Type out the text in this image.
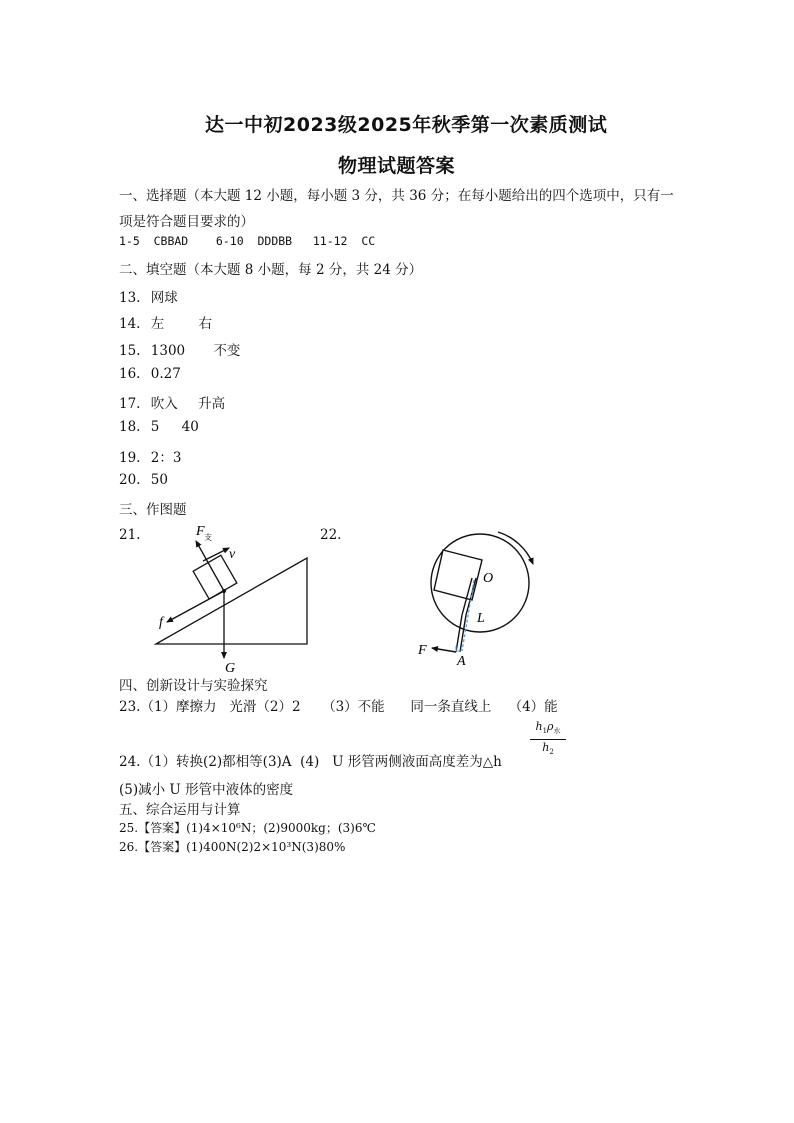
达一中初2023级2025年秋季第一次素质测试
物理试题答案
一、选择题（本大题 12 小题，每小题 3 分，共 36 分；在每小题给出的四个选项中，只有一
项是符合题目要求的）
1-5  CBBAD    6-10  DDDBB   11-12  CC
二、填空题（本大题 8 小题，每 2 分，共 24 分）
13. 网球
14. 左	右
15. 1300 不变
16. 0.27
17. 吹入 升高
18. 5 40
19. 2：3
20. 50
三、作图题
21.	22.
F 支
v
f
G
O
L
F
A
四、创新设计与实验探究
23.（1）摩擦力   光滑（2）2     （3）不能      同一条直线上    （4）能
$h_1\rho_水$
$h_2$
24.（1）转换(2)都相等(3)A  (4)   U 形管两侧液面高度差为△h
(5)减小 U 形管中液体的密度
五、综合运用与计算
25.【答案】(1)4×10⁶N；(2)9000kg；(3)6℃
26.【答案】(1)400N(2)2×10³N(3)80%
